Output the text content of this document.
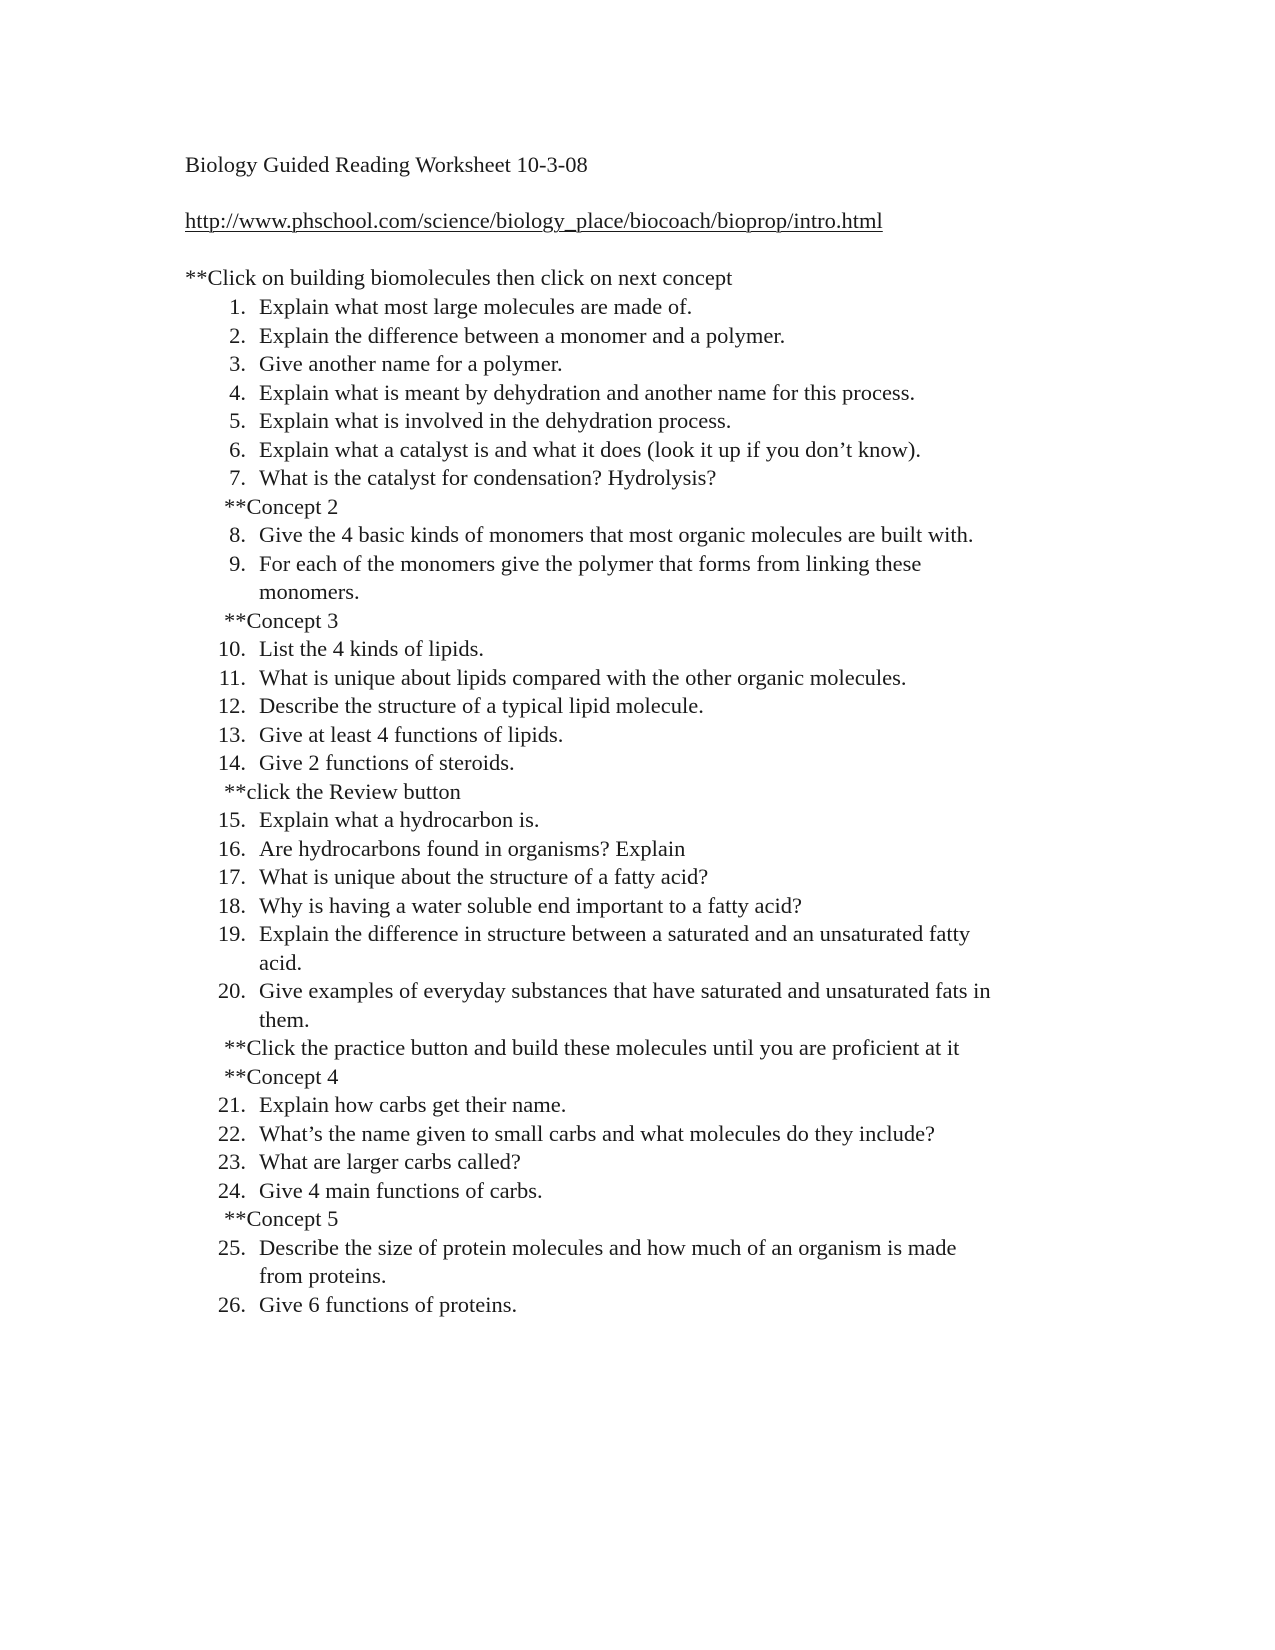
Biology Guided Reading Worksheet 10-3-08

http://www.phschool.com/science/biology_place/biocoach/bioprop/intro.html

**Click on building biomolecules then click on next concept

1. Explain what most large molecules are made of.
2. Explain the difference between a monomer and a polymer.
3. Give another name for a polymer.
4. Explain what is meant by dehydration and another name for this process.
5. Explain what is involved in the dehydration process.
6. Explain what a catalyst is and what it does (look it up if you don’t know).
7. What is the catalyst for condensation? Hydrolysis?
**Concept 2
8. Give the 4 basic kinds of monomers that most organic molecules are built with.
9. For each of the monomers give the polymer that forms from linking these
monomers.
**Concept 3
10. List the 4 kinds of lipids.
11. What is unique about lipids compared with the other organic molecules.
12. Describe the structure of a typical lipid molecule.
13. Give at least 4 functions of lipids.
14. Give 2 functions of steroids.
**click the Review button
15. Explain what a hydrocarbon is.
16. Are hydrocarbons found in organisms? Explain
17. What is unique about the structure of a fatty acid?
18. Why is having a water soluble end important to a fatty acid?
19. Explain the difference in structure between a saturated and an unsaturated fatty
acid.
20. Give examples of everyday substances that have saturated and unsaturated fats in
them.
**Click the practice button and build these molecules until you are proficient at it
**Concept 4
21. Explain how carbs get their name.
22. What’s the name given to small carbs and what molecules do they include?
23. What are larger carbs called?
24. Give 4 main functions of carbs.
**Concept 5
25. Describe the size of protein molecules and how much of an organism is made
from proteins.
26. Give 6 functions of proteins.
